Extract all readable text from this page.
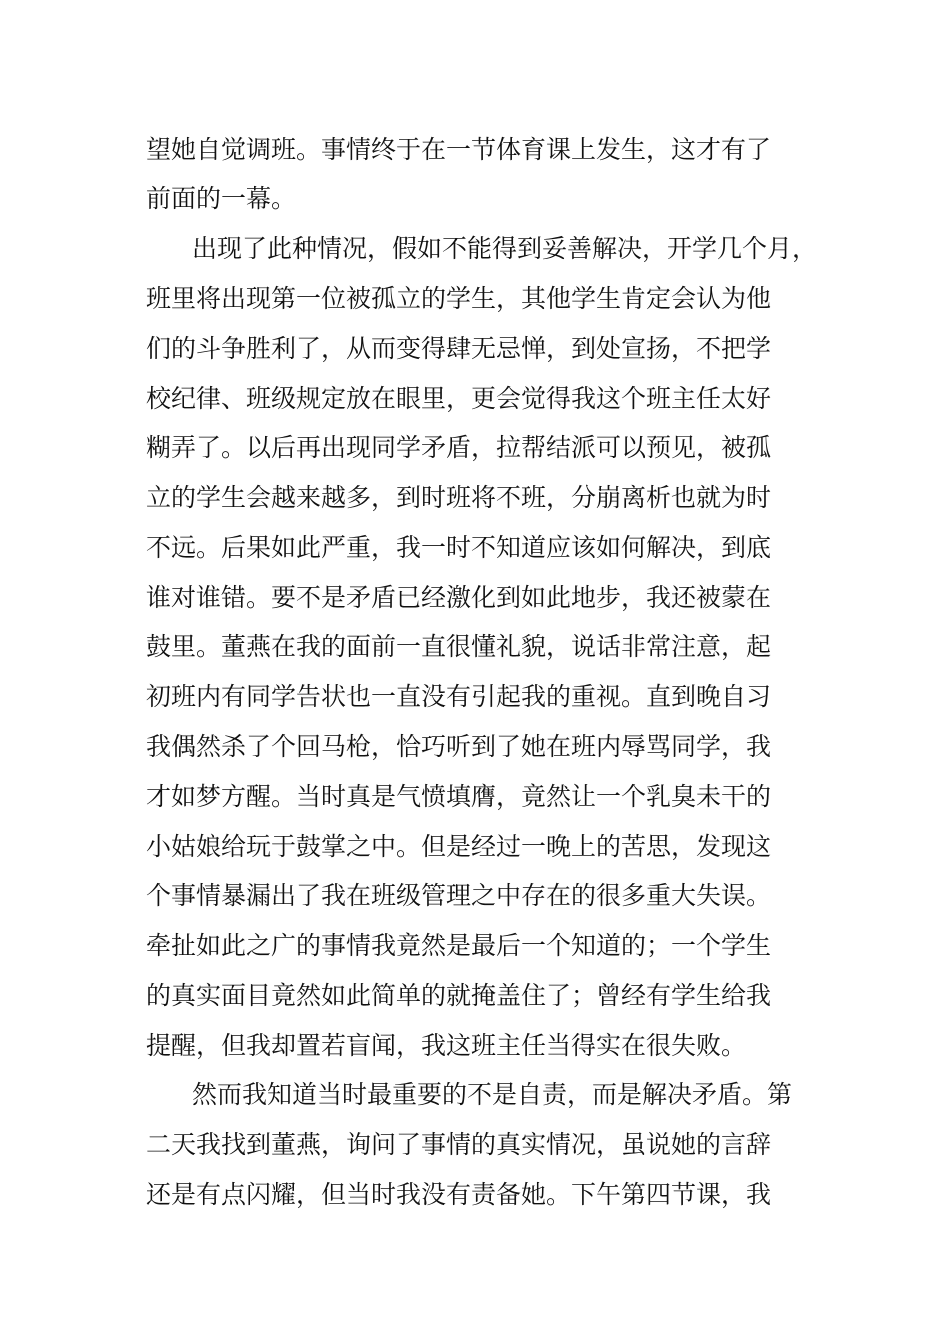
望她自觉调班。事情终于在一节体育课上发生，这才有了
前面的一幕。
出现了此种情况，假如不能得到妥善解决，开学几个月，
班里将出现第一位被孤立的学生，其他学生肯定会认为他
们的斗争胜利了，从而变得肆无忌惮，到处宣扬，不把学
校纪律、班级规定放在眼里，更会觉得我这个班主任太好
糊弄了。以后再出现同学矛盾，拉帮结派可以预见，被孤
立的学生会越来越多，到时班将不班，分崩离析也就为时
不远。后果如此严重，我一时不知道应该如何解决，到底
谁对谁错。要不是矛盾已经激化到如此地步，我还被蒙在
鼓里。董燕在我的面前一直很懂礼貌，说话非常注意，起
初班内有同学告状也一直没有引起我的重视。直到晚自习
我偶然杀了个回马枪，恰巧听到了她在班内辱骂同学，我
才如梦方醒。当时真是气愤填膺，竟然让一个乳臭未干的
小姑娘给玩于鼓掌之中。但是经过一晚上的苦思，发现这
个事情暴漏出了我在班级管理之中存在的很多重大失误。
牵扯如此之广的事情我竟然是最后一个知道的；一个学生
的真实面目竟然如此简单的就掩盖住了；曾经有学生给我
提醒，但我却置若盲闻，我这班主任当得实在很失败。
然而我知道当时最重要的不是自责，而是解决矛盾。第
二天我找到董燕，询问了事情的真实情况，虽说她的言辞
还是有点闪耀，但当时我没有责备她。下午第四节课，我
